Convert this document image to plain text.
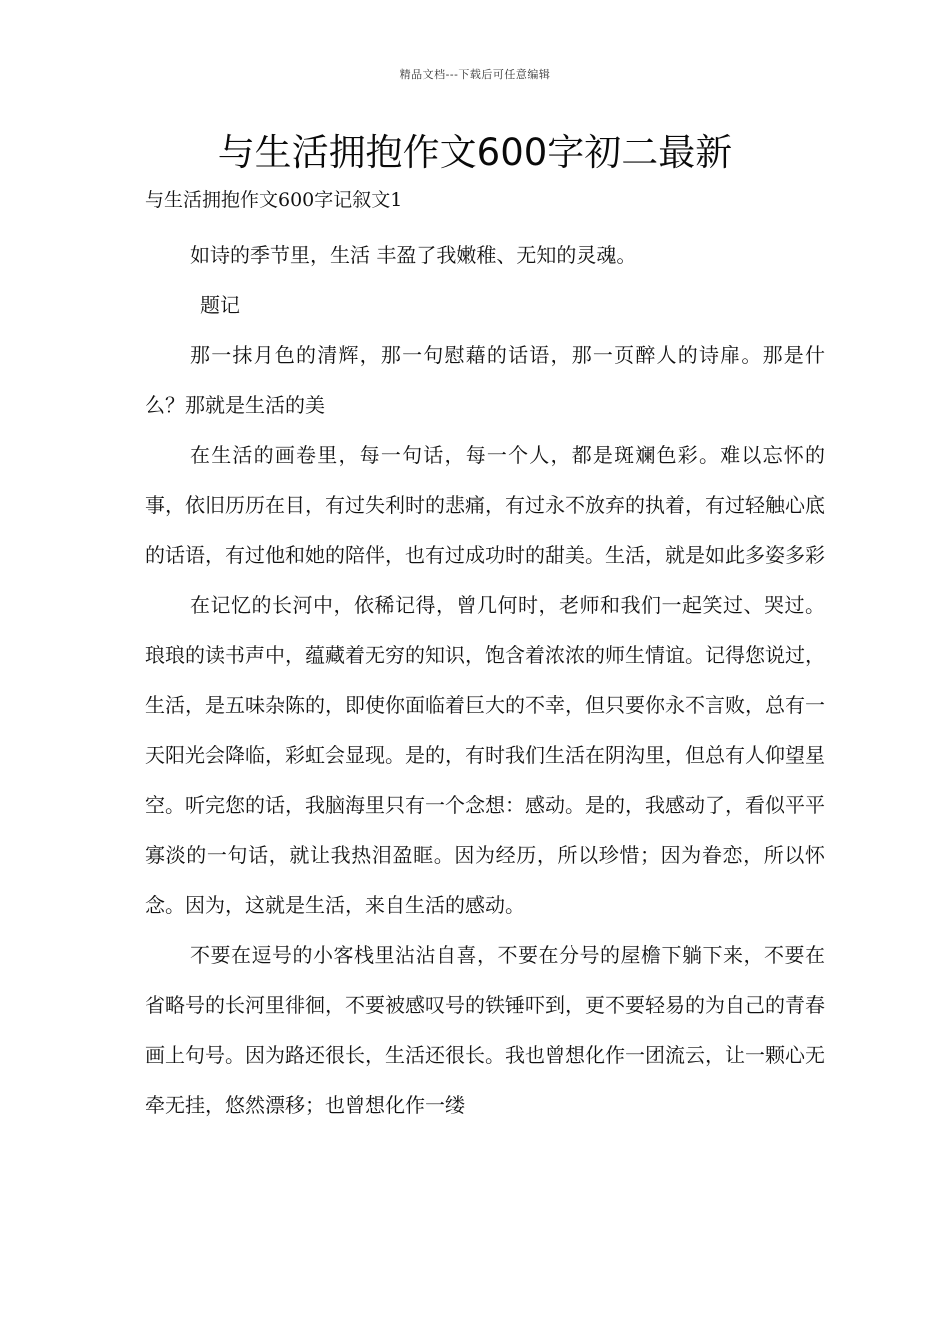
精品文档---下载后可任意编辑
与生活拥抱作文600字初二最新
与生活拥抱作文600字记叙文1

如诗的季节里，生活 丰盈了我嫩稚、无知的灵魂。

题记

那一抹月色的清辉，那一句慰藉的话语，那一页醉人的诗扉。那是什么？那就是生活的美

在生活的画卷里，每一句话，每一个人，都是斑斓色彩。难以忘怀的事，依旧历历在目，有过失利时的悲痛，有过永不放弃的执着，有过轻触心底的话语，有过他和她的陪伴，也有过成功时的甜美。生活，就是如此多姿多彩

在记忆的长河中，依稀记得，曾几何时，老师和我们一起笑过、哭过。琅琅的读书声中，蕴藏着无穷的知识，饱含着浓浓的师生情谊。记得您说过，生活，是五味杂陈的，即使你面临着巨大的不幸，但只要你永不言败，总有一天阳光会降临，彩虹会显现。是的，有时我们生活在阴沟里，但总有人仰望星空。听完您的话，我脑海里只有一个念想：感动。是的，我感动了，看似平平寡淡的一句话，就让我热泪盈眶。因为经历，所以珍惜；因为眷恋，所以怀念。因为，这就是生活，来自生活的感动。

不要在逗号的小客栈里沾沾自喜，不要在分号的屋檐下躺下来，不要在省略号的长河里徘徊，不要被感叹号的铁锤吓到，更不要轻易的为自己的青春画上句号。因为路还很长，生活还很长。我也曾想化作一团流云，让一颗心无牵无挂，悠然漂移；也曾想化作一缕
